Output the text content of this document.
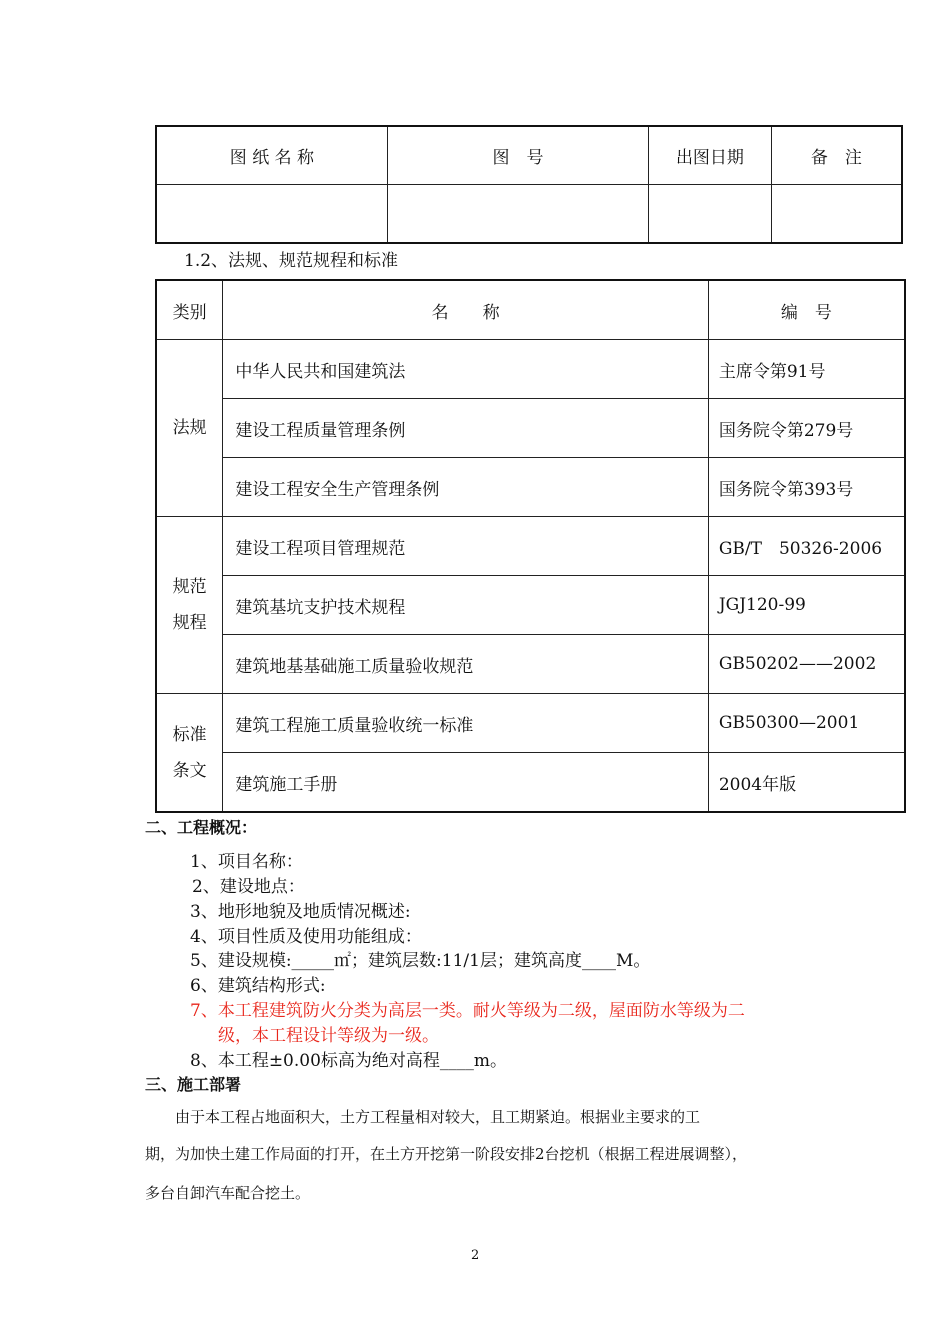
图 纸 名 称	图　号	出图日期	备　注

1.2、法规、规范规程和标准
类别	名　　称	编　号
法规	中华人民共和国建筑法	主席令第91号
	建设工程质量管理条例	国务院令第279号
	建设工程安全生产管理条例	国务院令第393号

规范
规程	建设工程项目管理规范	GB/T　50326-2006
	建筑基坑支护技术规程	JGJ120-99
	建筑地基基础施工质量验收规范	GB50202——2002

标准
条文	建筑工程施工质量验收统一标准	GB50300—2001
	建筑施工手册	2004年版
二、工程概况：
1、项目名称：
2、建设地点：
3、地形地貌及地质情况概述:
4、项目性质及使用功能组成：
5、建设规模:_____㎡；建筑层数:11/1层；建筑高度____M。
6、建筑结构形式:
7、本工程建筑防火分类为高层一类。耐火等级为二级，屋面防水等级为二
级，本工程设计等级为一级。
8、本工程±0.00标高为绝对高程____m。
三、施工部署
由于本工程占地面积大，土方工程量相对较大，且工期紧迫。根据业主要求的工
期，为加快土建工作局面的打开，在土方开挖第一阶段安排2台挖机（根据工程进展调整），
多台自卸汽车配合挖土。
2
